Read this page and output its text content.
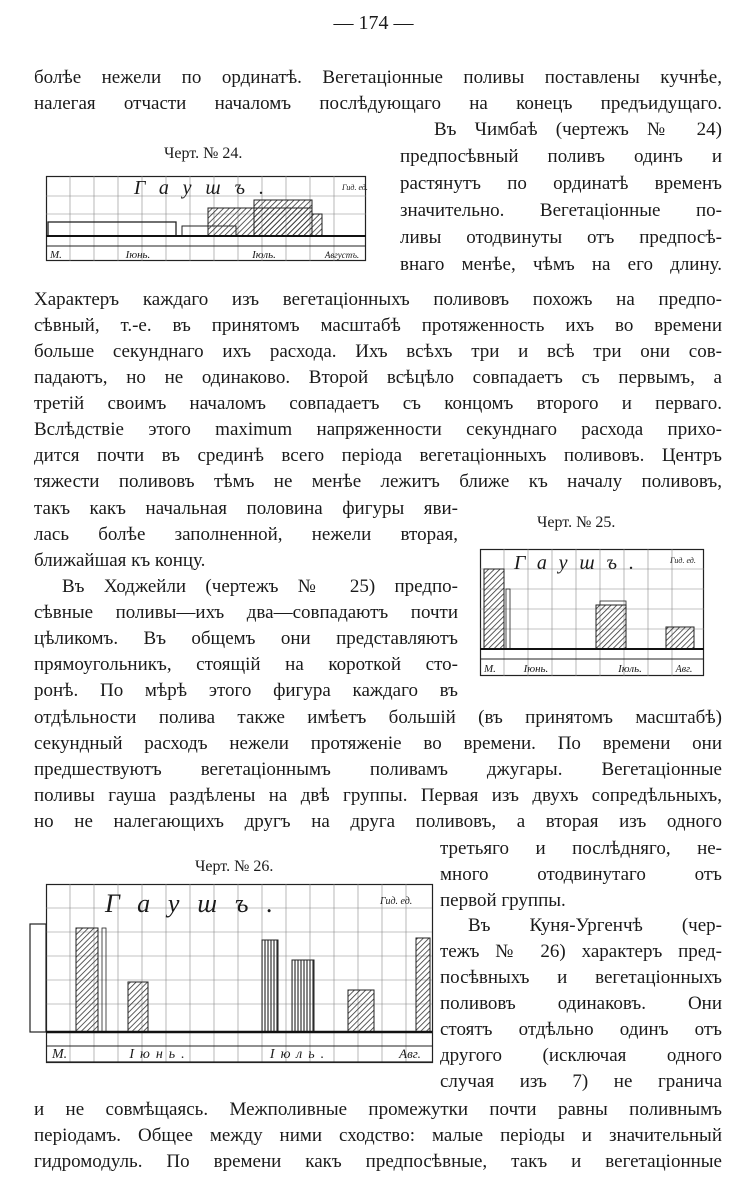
— 174 —
болѣе нежели по ординатѣ. Вегетаціонные поливы поставлены кучнѣе,
налегая отчасти началомъ послѣдующаго на конецъ предъидущаго.
Въ Чимбаѣ (чертежъ № 24)
предпосѣвный поливъ одинъ и
растянутъ по ординатѣ временъ
значительно. Вегетаціонные по-
ливы отодвинуты отъ предпосѣ-
внаго менѣе, чѣмъ на его длину.
Характеръ каждаго изъ вегетаціонныхъ поливовъ похожъ на предпо-
сѣвный, т.-е. въ принятомъ масштабѣ протяженность ихъ во времени
больше секунднаго ихъ расхода. Ихъ всѣхъ три и всѣ три они сов-
падаютъ, но не одинаково. Второй всѣцѣло совпадаетъ съ первымъ, а
третій своимъ началомъ совпадаетъ съ концомъ второго и перваго.
Вслѣдствіе этого maximum напряженности секунднаго расхода прихо-
дится почти въ срединѣ всего періода вегетаціонныхъ поливовъ. Центръ
тяжести поливовъ тѣмъ не менѣе лежитъ ближе къ началу поливовъ,
такъ какъ начальная половина фигуры яви-
лась болѣе заполненной, нежели вторая,
ближайшая къ концу.
Въ Ходжейли (чертежъ № 25) предпо-
сѣвные поливы—ихъ два—совпадаютъ почти
цѣликомъ. Въ общемъ они представляютъ
прямоугольникъ, стоящій на короткой сто-
ронѣ. По мѣрѣ этого фигура каждаго въ
отдѣльности полива также имѣетъ большій (въ принятомъ масштабѣ)
секундный расходъ нежели протяженіе во времени. По времени они
предшествуютъ вегетаціоннымъ поливамъ джугары. Вегетаціонные
поливы гауша раздѣлены на двѣ группы. Первая изъ двухъ сопредѣльныхъ,
но не налегающихъ другъ на друга поливовъ, а вторая изъ одного
третьяго и послѣдняго, не-
много отодвинутаго отъ
первой группы.
Въ Куня-Ургенчѣ (чер-
тежъ № 26) характеръ пред-
посѣвныхъ и вегетаціонныхъ
поливовъ одинаковъ. Они
стоятъ отдѣльно одинъ отъ
другого (исключая одного
случая изъ 7) не гранича
и не совмѣщаясь. Межполивные промежутки почти равны поливнымъ
періодамъ. Общее между ними сходство: малые періоды и значительный
гидромодуль. По времени какъ предпосѣвные, такъ и вегетаціонные
Черт. № 24.
Гаушъ.	Гид. ед.
М.	Іюнь.	Іюль.	Августъ.
Черт. № 25.
Гаушъ.	Гид. ед.
М.	Іюнь.	Іюль.	Авг.
Черт. № 26.
Гаушъ.	Гид. ед.
М.	Іюнь.	Іюль.	Авг.
